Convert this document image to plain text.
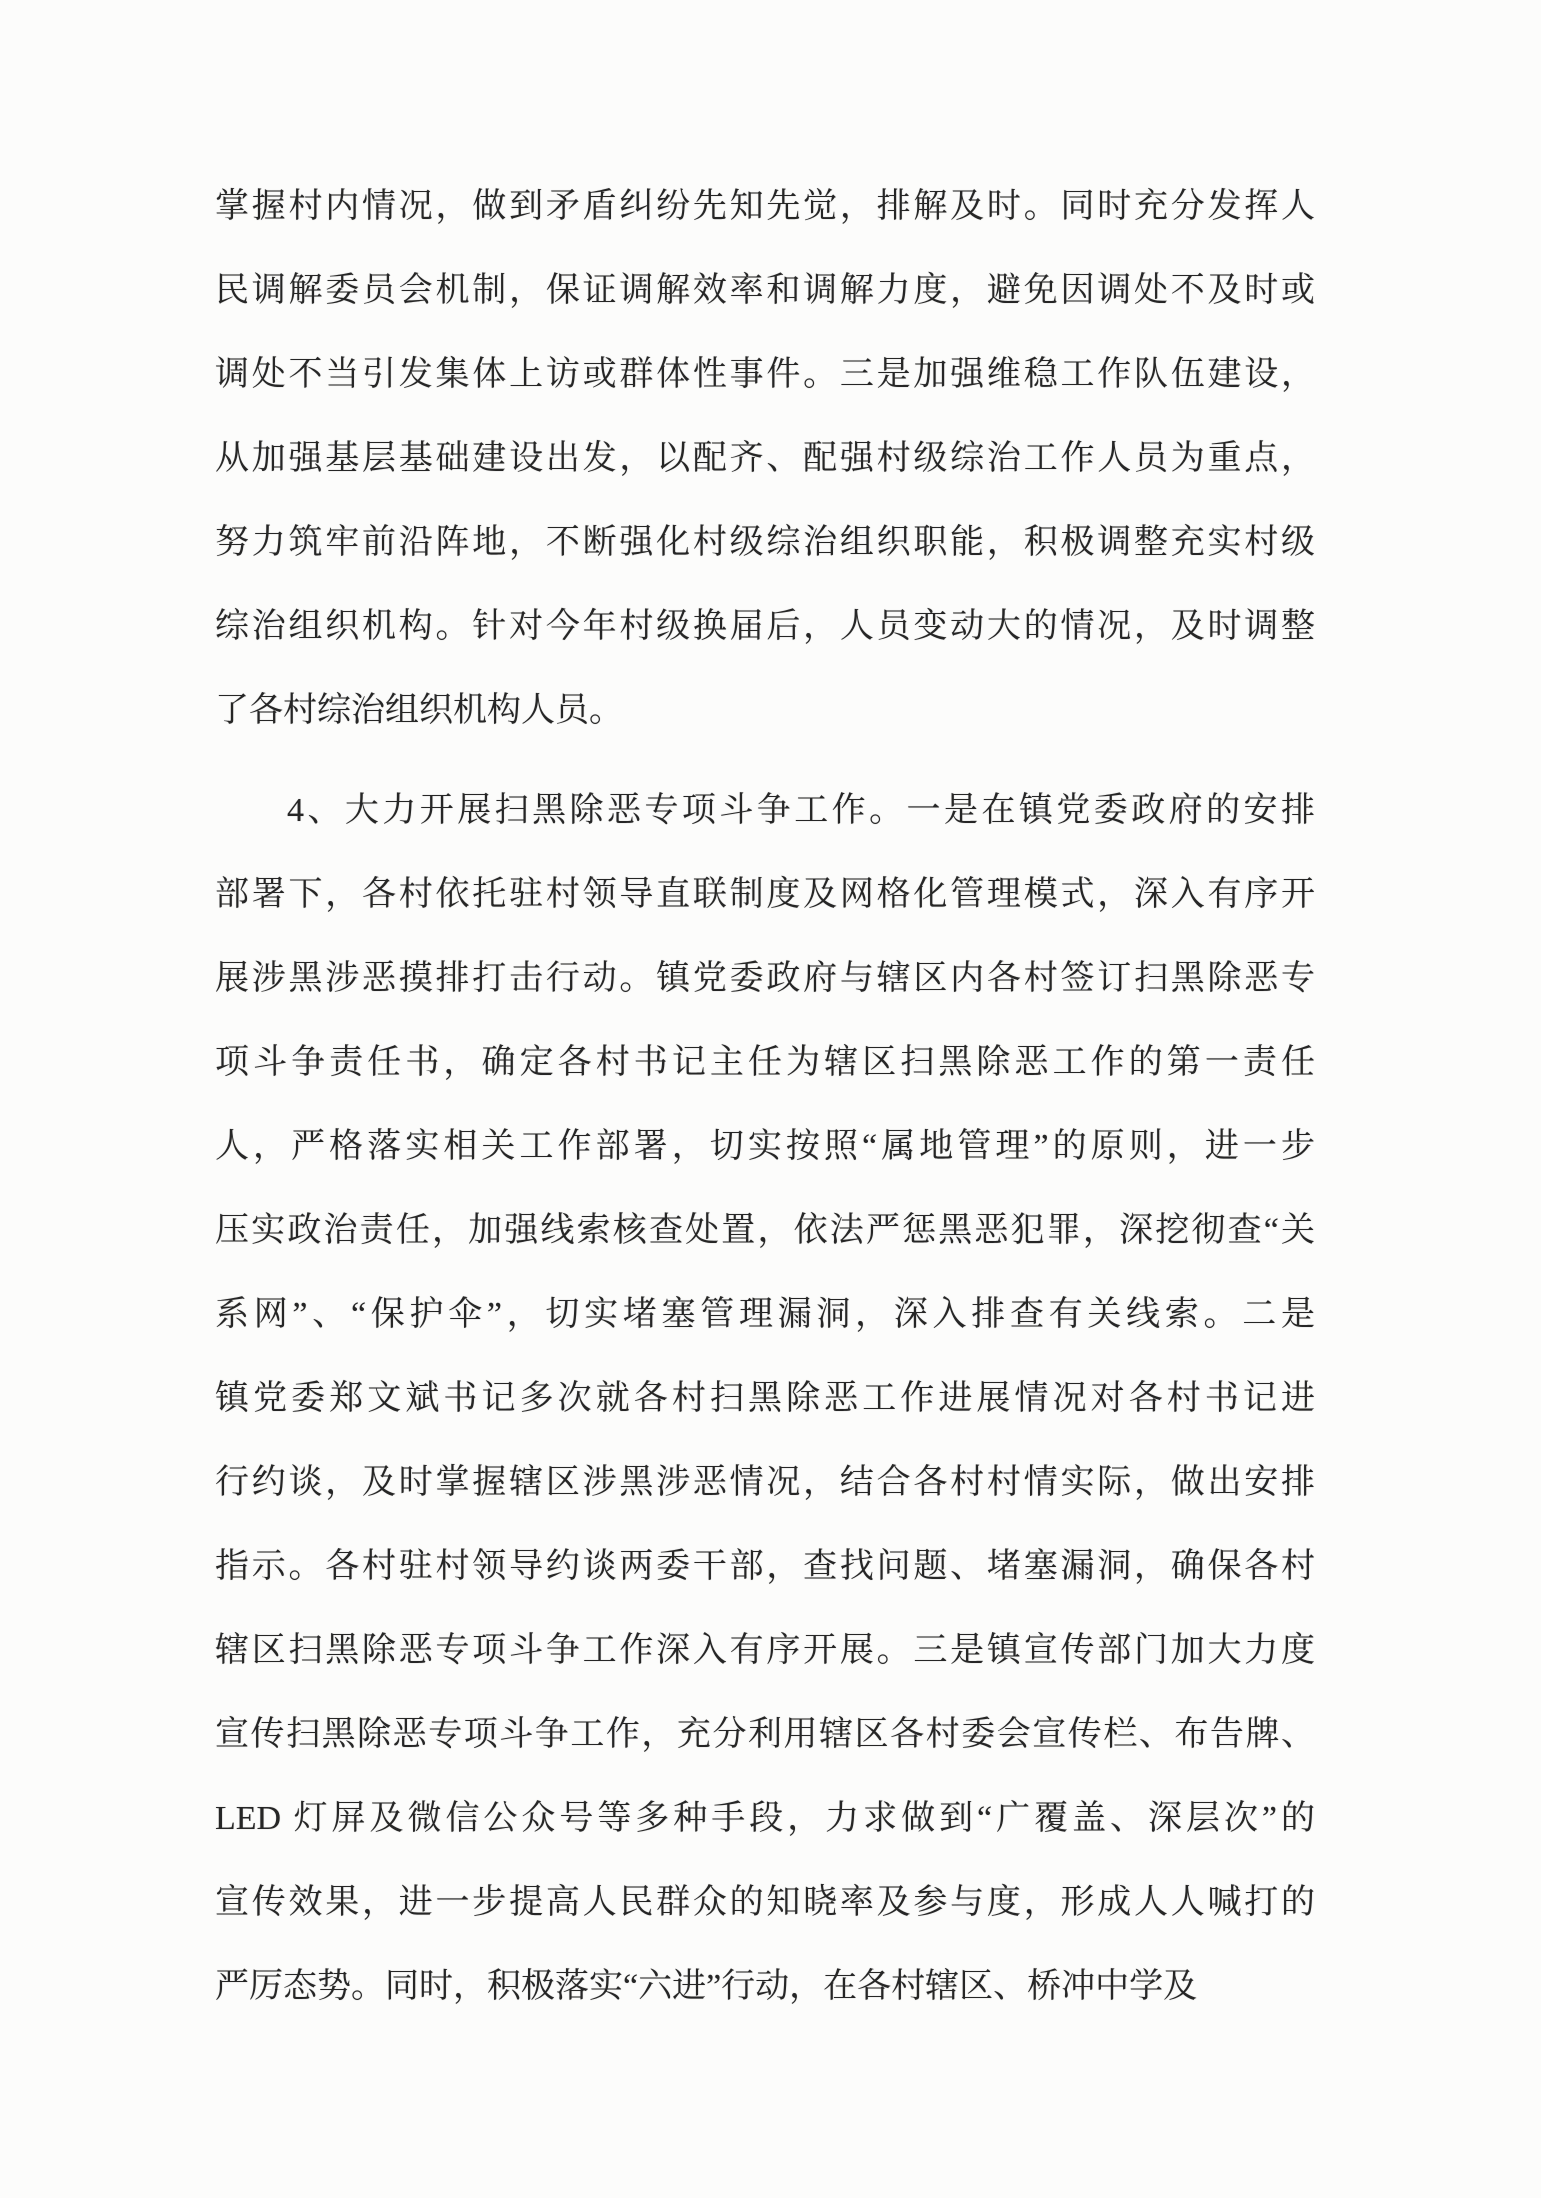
掌握村内情况，做到矛盾纠纷先知先觉，排解及时。同时充分发挥人
民调解委员会机制，保证调解效率和调解力度，避免因调处不及时或
调处不当引发集体上访或群体性事件。三是加强维稳工作队伍建设，
从加强基层基础建设出发，以配齐、配强村级综治工作人员为重点，
努力筑牢前沿阵地，不断强化村级综治组织职能，积极调整充实村级
综治组织机构。针对今年村级换届后，人员变动大的情况，及时调整
了各村综治组织机构人员。
4、大力开展扫黑除恶专项斗争工作。一是在镇党委政府的安排
部署下，各村依托驻村领导直联制度及网格化管理模式，深入有序开
展涉黑涉恶摸排打击行动。镇党委政府与辖区内各村签订扫黑除恶专
项斗争责任书，确定各村书记主任为辖区扫黑除恶工作的第一责任
人，严格落实相关工作部署，切实按照“属地管理”的原则，进一步
压实政治责任，加强线索核查处置，依法严惩黑恶犯罪，深挖彻查“关
系网”、“保护伞”，切实堵塞管理漏洞，深入排查有关线索。二是
镇党委郑文斌书记多次就各村扫黑除恶工作进展情况对各村书记进
行约谈，及时掌握辖区涉黑涉恶情况，结合各村村情实际，做出安排
指示。各村驻村领导约谈两委干部，查找问题、堵塞漏洞，确保各村
辖区扫黑除恶专项斗争工作深入有序开展。三是镇宣传部门加大力度
宣传扫黑除恶专项斗争工作，充分利用辖区各村委会宣传栏、布告牌、
LED 灯屏及微信公众号等多种手段，力求做到“广覆盖、深层次”的
宣传效果，进一步提高人民群众的知晓率及参与度，形成人人喊打的
严厉态势。同时，积极落实“六进”行动，在各村辖区、桥冲中学及
